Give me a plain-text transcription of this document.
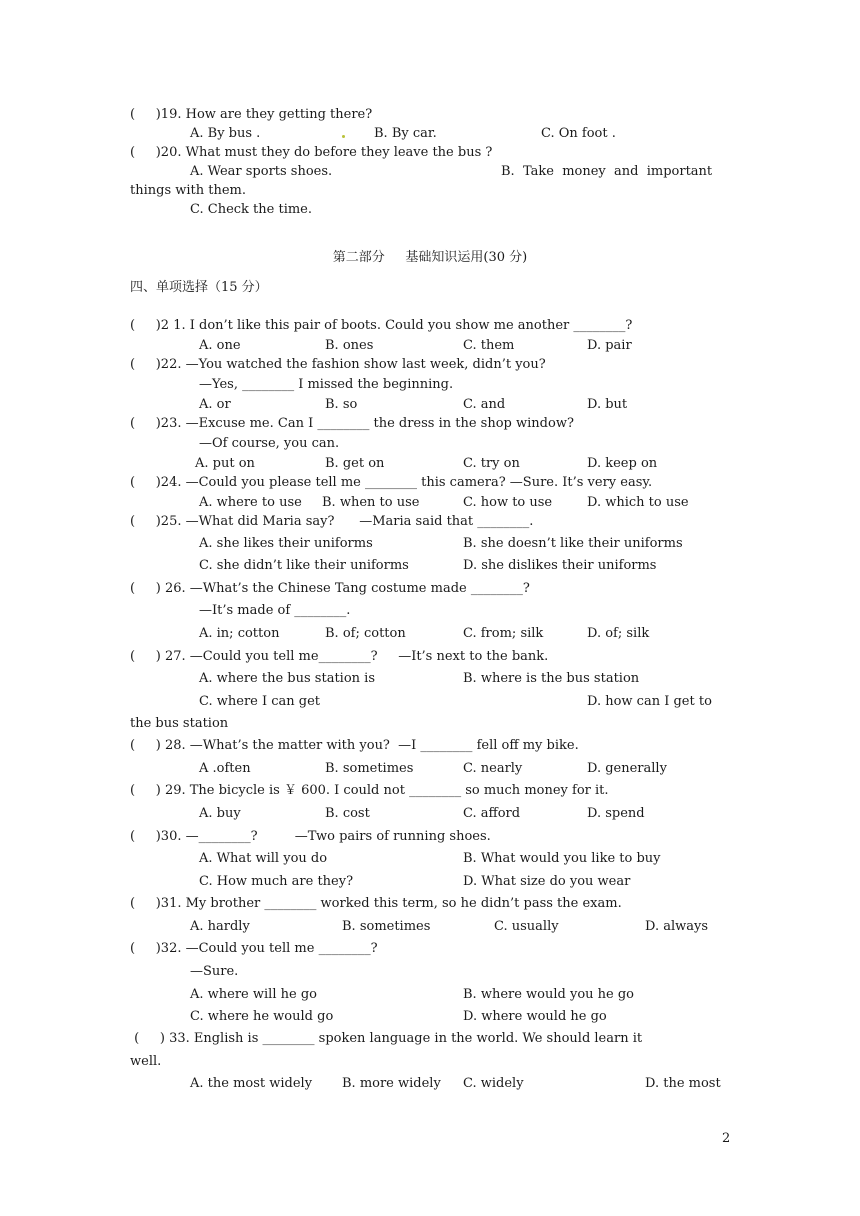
(     )19. How are they getting there?
A. By bus .	B. By car.	C. On foot .
(     )20. What must they do before they leave the bus ?
A. Wear sports shoes.	B.  Take  money  and  important
things with them.
C. Check the time.
第二部分     基础知识运用(30 分)
四、单项选择（15 分）
(     )2 1. I don’t like this pair of boots. Could you show me another ________?
A. one	B. ones	C. them	D. pair
(     )22. —You watched the fashion show last week, didn’t you?
—Yes, ________ I missed the beginning.
A. or	B. so	C. and	D. but
(     )23. —Excuse me. Can I ________ the dress in the shop window?
—Of course, you can.
A. put on	B. get on	C. try on	D. keep on
(     )24. —Could you please tell me ________ this camera? —Sure. It’s very easy.
A. where to use B. when to use	C. how to use	D. which to use
(     )25. —What did Maria say?      —Maria said that ________.
A. she likes their uniforms	B. she doesn’t like their uniforms
C. she didn’t like their uniforms	D. she dislikes their uniforms
(     ) 26. —What’s the Chinese Tang costume made ________?
—It’s made of ________.
A. in; cotton	B. of; cotton	C. from; silk	D. of; silk
(     ) 27. —Could you tell me________?     —It’s next to the bank.
A. where the bus station is	B. where is the bus station
C. where I can get	D. how can I get to
the bus station
(     ) 28. —What’s the matter with you?  —I ________ fell off my bike.
A .often	B. sometimes	C. nearly	D. generally
(     ) 29. The bicycle is ￥ 600. I could not ________ so much money for it.
A. buy	B. cost	C. afford	D. spend
(     )30. —________?         —Two pairs of running shoes.
A. What will you do	B. What would you like to buy
C. How much are they?	D. What size do you wear
(     )31. My brother ________ worked this term, so he didn’t pass the exam.
A. hardly	B. sometimes	C. usually	D. always
(     )32. —Could you tell me ________?
—Sure.
A. where will he go	B. where would you he go
C. where he would go	D. where would he go
(     ) 33. English is ________ spoken language in the world. We should learn it
well.
A. the most widely B. more widely C. widely	D. the most
2
